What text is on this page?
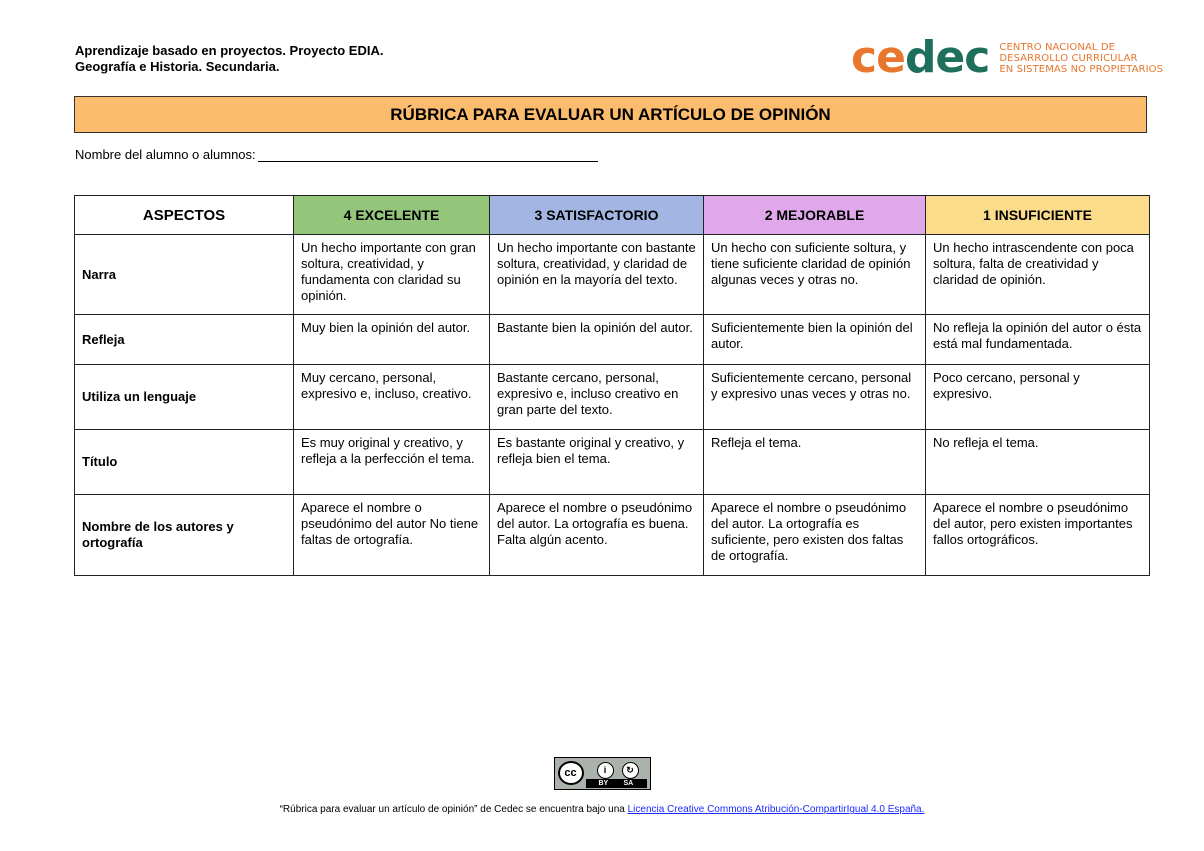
Aprendizaje basado en proyectos. Proyecto EDIA.
Geografía e Historia. Secundaria.	cedec CENTRO NACIONAL DE
DESARROLLO CURRICULAR
EN SISTEMAS NO PROPIETARIOS
RÚBRICA PARA EVALUAR UN ARTÍCULO DE OPINIÓN
Nombre del alumno o alumnos:
ASPECTOS	4 EXCELENTE	3 SATISFACTORIO	2 MEJORABLE	1 INSUFICIENTE
Narra	Un hecho importante con gran soltura, creatividad, y fundamenta con claridad su opinión.	Un hecho importante con bastante soltura, creatividad, y claridad de opinión en la mayoría del texto.	Un hecho con suficiente soltura, y tiene suficiente claridad de opinión algunas veces y otras no.	Un hecho intrascendente con poca soltura, falta de creatividad y claridad de opinión.
Refleja	Muy bien la opinión del autor.	Bastante bien la opinión del autor.	Suficientemente bien la opinión del autor.	No refleja la opinión del autor o ésta está mal fundamentada.
Utiliza un lenguaje	Muy cercano, personal, expresivo e, incluso, creativo.	Bastante cercano, personal, expresivo e, incluso creativo en gran parte del texto.	Suficientemente cercano, personal y expresivo unas veces y otras no.	Poco cercano, personal y expresivo.
Título	Es muy original y creativo, y refleja a la perfección el tema.	Es bastante original y creativo, y refleja bien el tema.	Refleja el tema.	No refleja el tema.
Nombre de los autores y ortografía	Aparece el nombre o pseudónimo del autor No tiene faltas de ortografía.	Aparece el nombre o pseudónimo del autor. La ortografía es buena. Falta algún acento.	Aparece el nombre o pseudónimo del autor. La ortografía es suficiente, pero existen dos faltas de ortografía.	Aparece el nombre o pseudónimo del autor, pero existen importantes fallos ortográficos.
cc	i	↻
BY SA
“Rúbrica para evaluar un artículo de opinión” de Cedec se encuentra bajo una Licencia Creative Commons Atribución-CompartirIgual 4.0 España.
